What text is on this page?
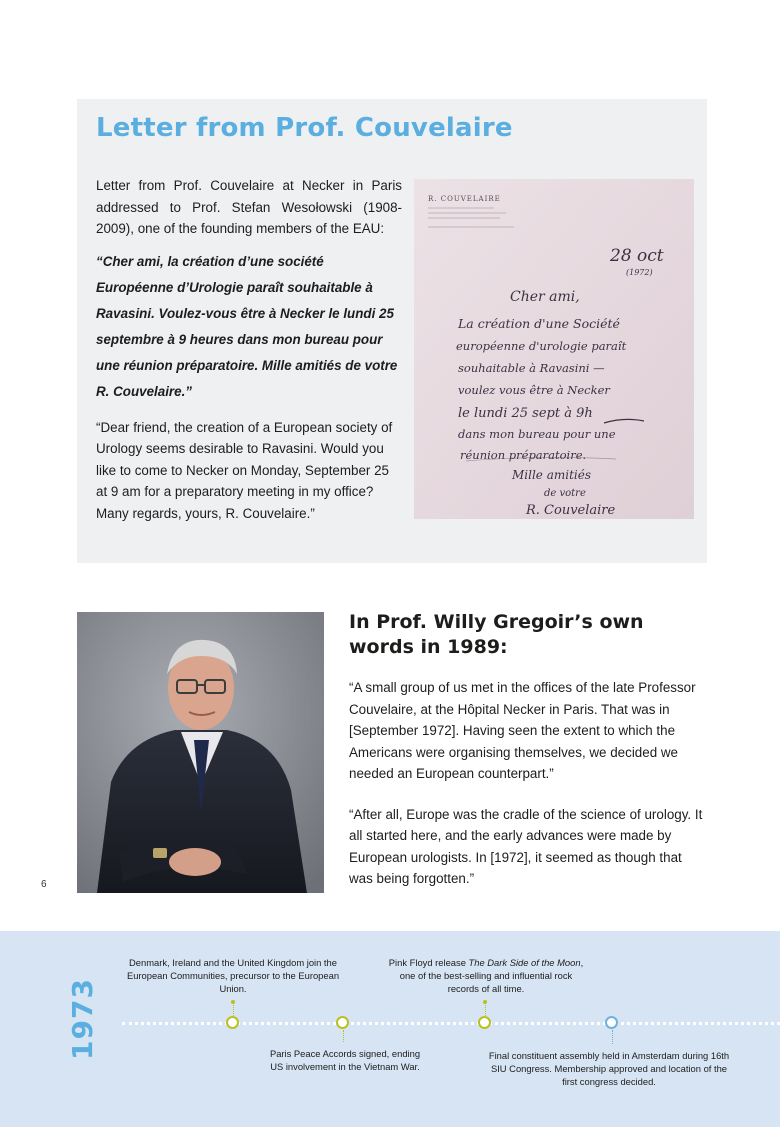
Letter from Prof. Couvelaire

Letter from Prof. Couvelaire at Necker in Paris addressed to Prof. Stefan Wesołowski (1908-2009), one of the founding members of the EAU:

“Cher ami, la création d’une société Européenne d’Urologie paraît souhaitable à Ravasini. Voulez-vous être à Necker le lundi 25 septembre à 9 heures dans mon bureau pour une réunion préparatoire. Mille amitiés de votre R. Couvelaire.”

“Dear friend, the creation of a European society of Urology seems desirable to Ravasini. Would you like to come to Necker on Monday, September 25 at 9 am for a preparatory meeting in my office? Many regards, yours, R. Couvelaire.”

R. COUVELAIRE
28 oct
(1972)
Cher ami,
La création d'une Société
européenne d'urologie paraît
souhaitable à Ravasini —
voulez vous être à Necker
le lundi 25 sept à 9h
dans mon bureau pour une
réunion préparatoire.
Mille amitiés
de votre
R. Couvelaire
In Prof. Willy Gregoir’s own words in 1989:

“A small group of us met in the offices of the late Professor Couvelaire, at the Hôpital Necker in Paris. That was in [September 1972]. Having seen the extent to which the Americans were organising themselves, we decided we needed an European counterpart.”

“After all, Europe was the cradle of the science of urology. It all started here, and the early advances were made by European urologists. In [1972], it seemed as though that was being forgotten.”

6
1973
Denmark, Ireland and the United Kingdom join the European Communities, precursor to the European Union.
Paris Peace Accords signed, ending US involvement in the Vietnam War.
Pink Floyd release The Dark Side of the Moon, one of the best-selling and influential rock records of all time.
Final constituent assembly held in Amsterdam during 16th SIU Congress. Membership approved and location of the first congress decided.
